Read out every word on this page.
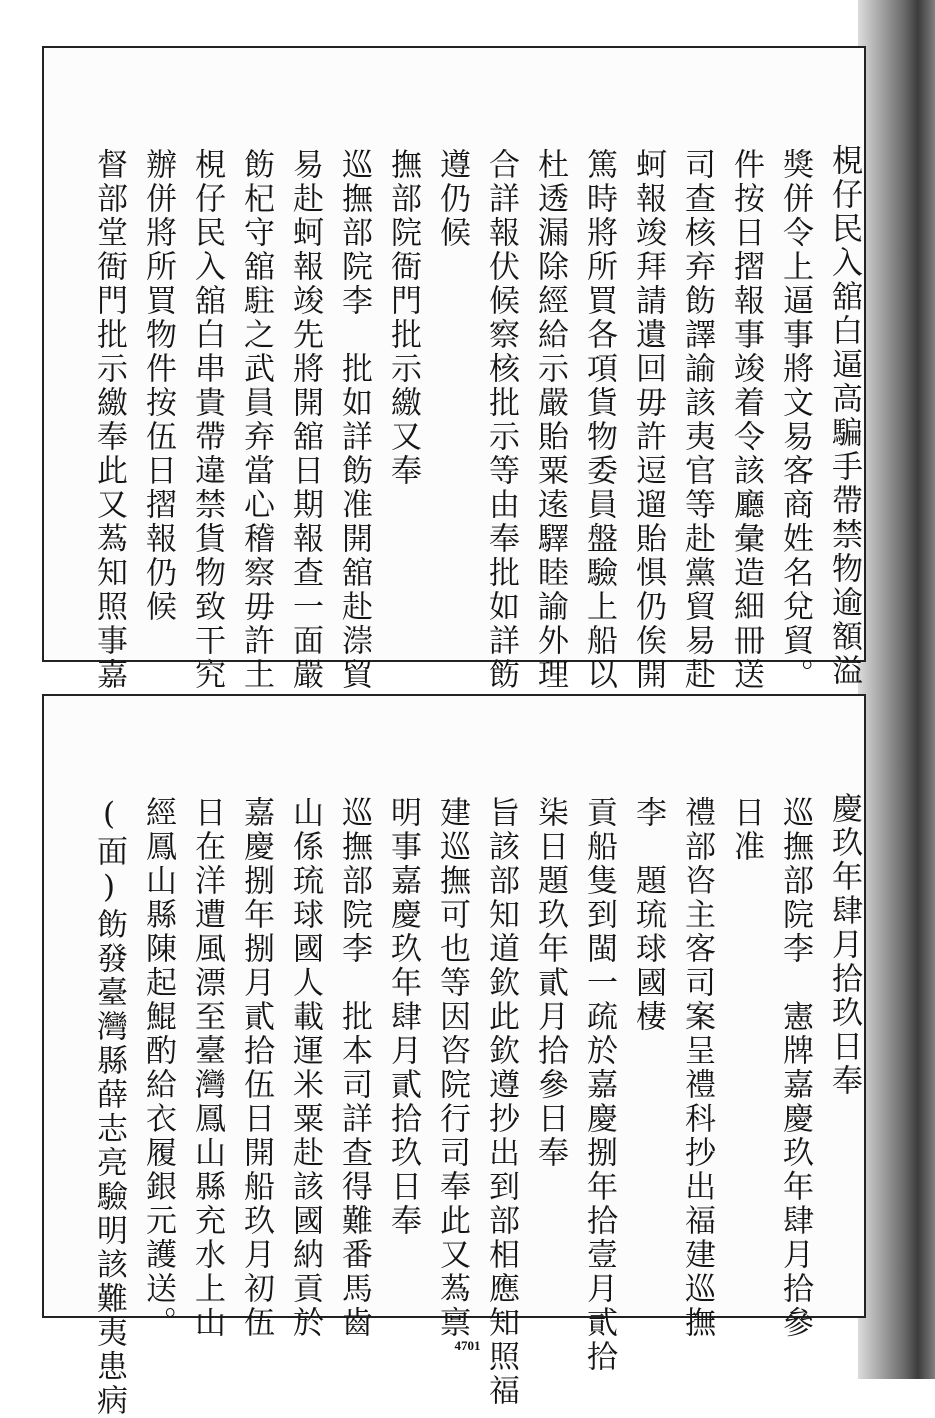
梘仔民入舘白逼高騙手帶禁物逾額溢
獎併令上逼事將文易客商姓名兌貿。
件按日摺報事竣着令該廳彙造細冊送
司查核弃飭譯諭該夷官等赴黨貿易赴
蚵報竣拜請遺回毋許逗遛貽惧仍俟開
篤時將所買各項貨物委員盤驗上船以
杜透漏除經給示嚴貽粟逺驛睦諭外理
合詳報伏候察核批示等由奉批如詳飭
遵仍候
撫部院衙門批示繳又奉
巡撫部院李　批如詳飭准開舘赴漴貿
易赴蚵報竣先將開舘日期報查一面嚴
飭杞守舘駐之武員弃當心稽察毋許土
梘仔民入舘白串貴帶違禁貨物致干究
辦併將所買物件按伍日摺報仍候
督部堂衙門批示繳奉此又蒍知照事嘉
慶玖年肆月拾玖日奉
巡撫部院李　憲牌嘉慶玖年肆月拾參
日准
禮部咨主客司案呈禮科抄出福建巡撫
李　題琉球國棲
貢船隻到閩一疏於嘉慶捌年拾壹月貳拾
柒日題玖年貳月拾參日奉
旨該部知道欽此欽遵抄出到部相應知照福
建巡撫可也等因咨院行司奉此又蒍禀
明事嘉慶玖年肆月貳拾玖日奉
巡撫部院李　批本司詳查得難番馬齒
山係琉球國人載運米粟赴該國納貢於
嘉慶捌年捌月貳拾伍日開船玖月初伍
日在洋遭風漂至臺灣鳳山縣充水上山
經鳳山縣陳起鯤酌給衣履銀元護送。
(面)飭發臺灣縣薛志亮驗明該難夷患病	4701
